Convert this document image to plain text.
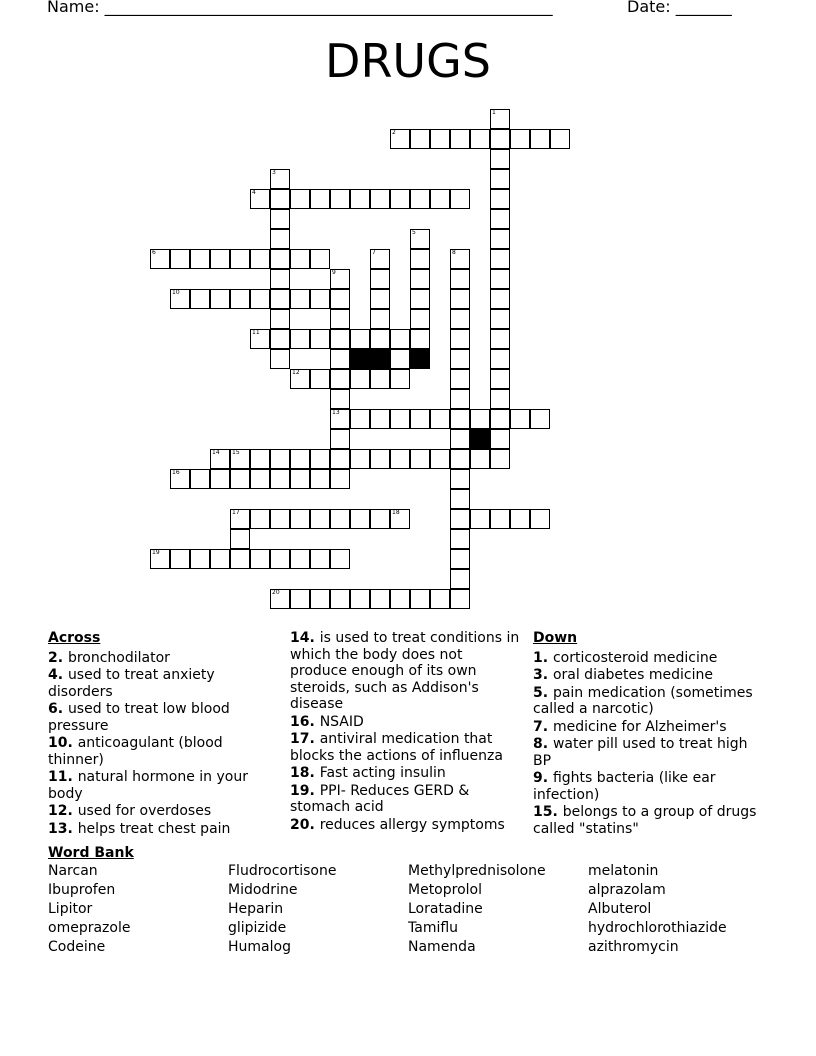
Name: ________________________________________________________	Date: _______
DRUGS
1
2
3
4
5
6	7	8
9
10
11
12
13
14 15
16
17	18
19
20
Across
2. bronchodilator
4. used to treat anxiety disorders
6. used to treat low blood pressure
10. anticoagulant (blood thinner)
11. natural hormone in your body
12. used for overdoses
13. helps treat chest pain
14. is used to treat conditions in which the body does not produce enough of its own steroids, such as Addison's disease
16. NSAID
17. antiviral medication that blocks the actions of influenza
18. Fast acting insulin
19. PPI- Reduces GERD & stomach acid
20. reduces allergy symptoms
Down
1. corticosteroid medicine
3. oral diabetes medicine
5. pain medication (sometimes called a narcotic)
7. medicine for Alzheimer's
8. water pill used to treat high BP
9. fights bacteria (like ear infection)
15. belongs to a group of drugs called "statins"
Word Bank
Narcan
Ibuprofen
Lipitor
omeprazole
Codeine
Fludrocortisone
Midodrine
Heparin
glipizide
Humalog
Methylprednisolone
Metoprolol
Loratadine
Tamiflu
Namenda
melatonin
alprazolam
Albuterol
hydrochlorothiazide
azithromycin
